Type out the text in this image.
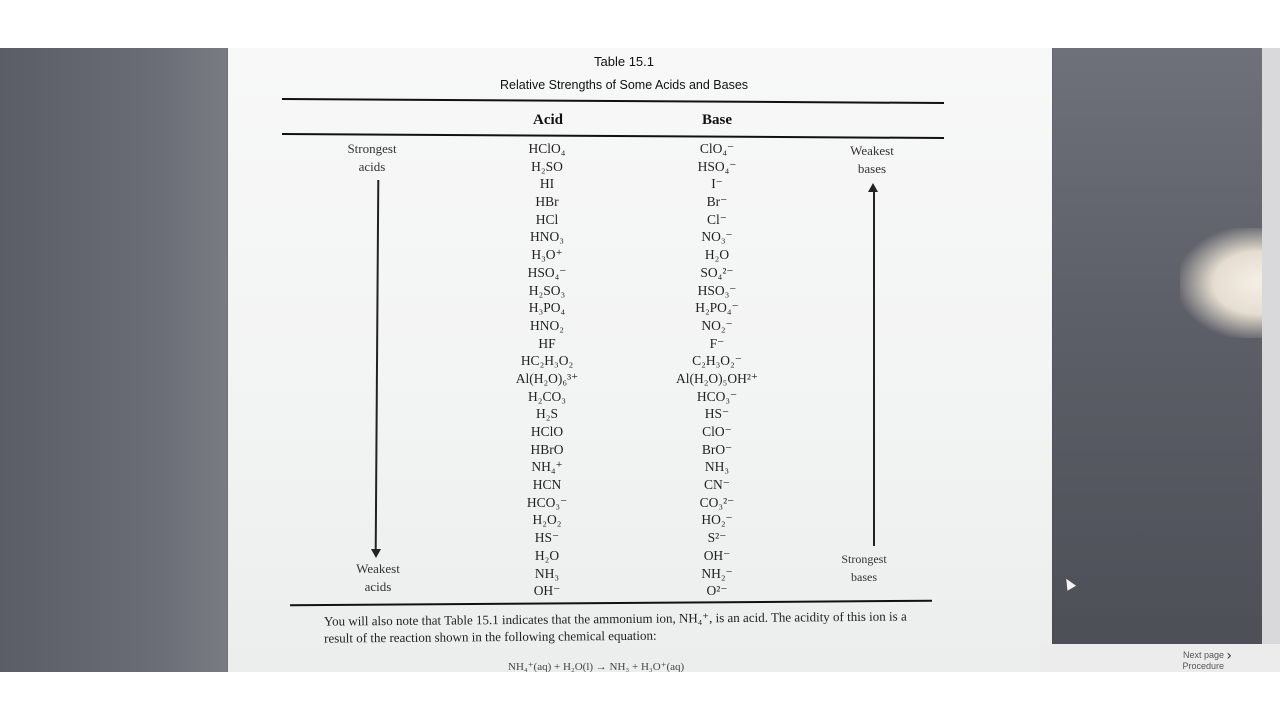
Table 15.1
Relative Strengths of Some Acids and Bases
Acid	Base
Strongest
acids
Weakest
acids
HClO₄
H₂SO
HI
HBr
HCl
HNO₃
H₃O⁺
HSO₄⁻
H₂SO₃
H₃PO₄
HNO₂
HF
HC₂H₃O₂
Al(H₂O)₆³⁺
H₂CO₃
H₂S
HClO
HBrO
NH₄⁺
HCN
HCO₃⁻
H₂O₂
HS⁻
H₂O
NH₃
OH⁻
ClO₄⁻
HSO₄⁻
I⁻
Br⁻
Cl⁻
NO₃⁻
H₂O
SO₄²⁻
HSO₃⁻
H₂PO₄⁻
NO₂⁻
F⁻
C₂H₃O₂⁻
Al(H₂O)₅OH²⁺
HCO₃⁻
HS⁻
ClO⁻
BrO⁻
NH₃
CN⁻
CO₃²⁻
HO₂⁻
S²⁻
OH⁻
NH₂⁻
O²⁻
Weakest
bases
Strongest
bases
You will also note that Table 15.1 indicates that the ammonium ion, NH₄⁺, is an acid. The acidity of this ion is a result of the reaction shown in the following chemical equation:
NH₄⁺(aq) + H₂O(l) → NH₃ + H₃O⁺(aq)
Next page
Procedure
›
